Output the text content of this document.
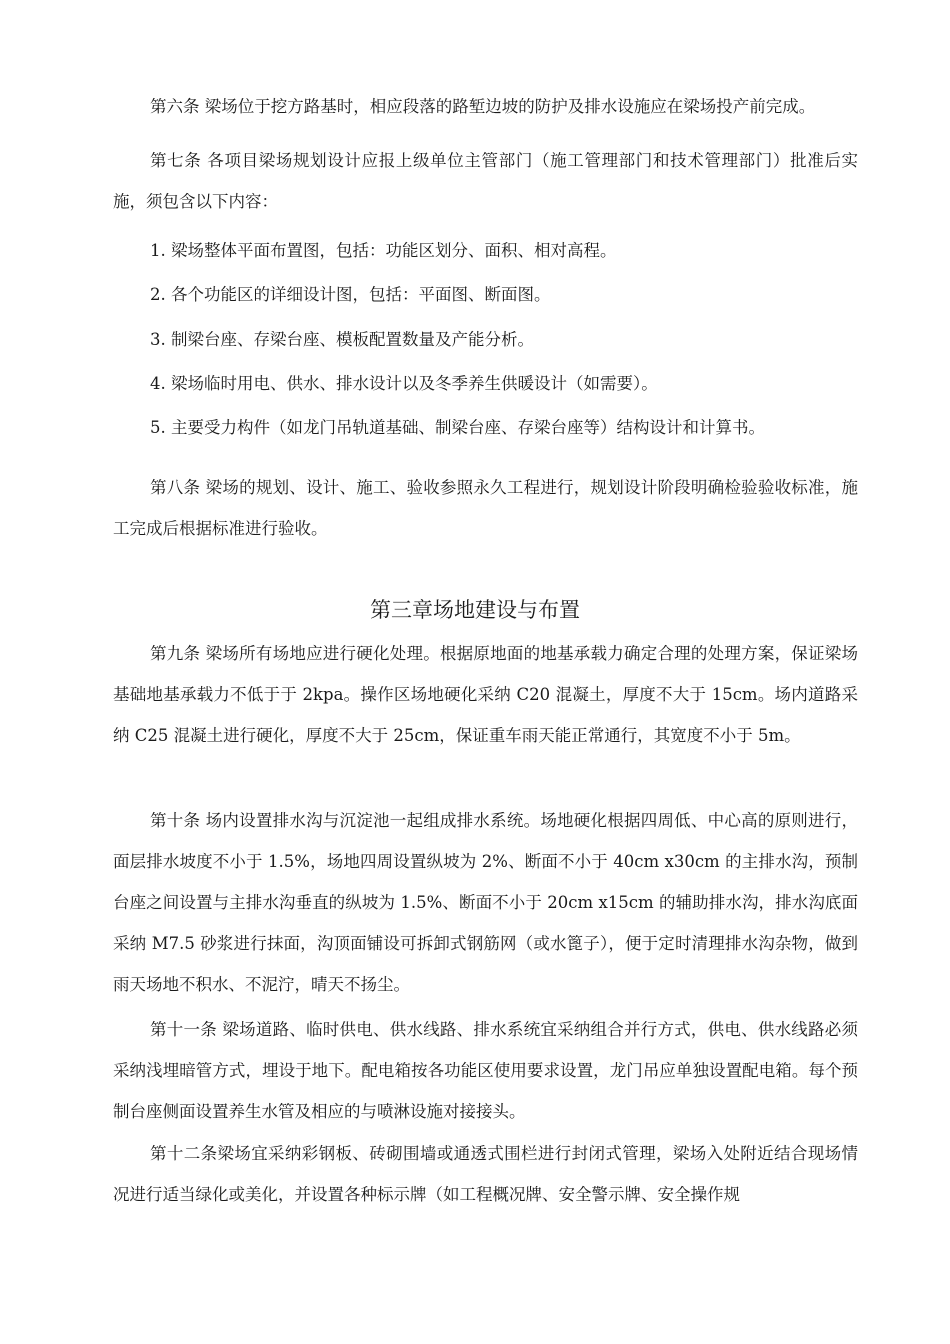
第六条 梁场位于挖方路基时，相应段落的路堑边坡的防护及排水设施应在梁场投产前完成。

第七条 各项目梁场规划设计应报上级单位主管部门（施工管理部门和技术管理部门）批准后实施，须包含以下内容：

1. 梁场整体平面布置图，包括：功能区划分、面积、相对高程。

2. 各个功能区的详细设计图，包括：平面图、断面图。

3. 制梁台座、存梁台座、模板配置数量及产能分析。

4. 梁场临时用电、供水、排水设计以及冬季养生供暖设计（如需要）。

5. 主要受力构件（如龙门吊轨道基础、制梁台座、存梁台座等）结构设计和计算书。

第八条 梁场的规划、设计、施工、验收参照永久工程进行，规划设计阶段明确检验验收标准，施工完成后根据标准进行验收。

第三章场地建设与布置

第九条 梁场所有场地应进行硬化处理。根据原地面的地基承载力确定合理的处理方案，保证梁场基础地基承载力不低于于 2kpa。操作区场地硬化采纳 C20 混凝土，厚度不大于 15cm。场内道路采纳 C25 混凝土进行硬化，厚度不大于 25cm，保证重车雨天能正常通行，其宽度不小于 5m。

第十条 场内设置排水沟与沉淀池一起组成排水系统。场地硬化根据四周低、中心高的原则进行，面层排水坡度不小于 1.5%，场地四周设置纵坡为 2%、断面不小于 40cm x30cm 的主排水沟，预制台座之间设置与主排水沟垂直的纵坡为 1.5%、断面不小于 20cm x15cm 的辅助排水沟，排水沟底面采纳 M7.5 砂浆进行抹面，沟顶面铺设可拆卸式钢筋网（或水篦子），便于定时清理排水沟杂物，做到雨天场地不积水、不泥泞，晴天不扬尘。

第十一条 梁场道路、临时供电、供水线路、排水系统宜采纳组合并行方式，供电、供水线路必须采纳浅埋暗管方式，埋设于地下。配电箱按各功能区使用要求设置，龙门吊应单独设置配电箱。每个预制台座侧面设置养生水管及相应的与喷淋设施对接接头。

第十二条梁场宜采纳彩钢板、砖砌围墙或通透式围栏进行封闭式管理，梁场入处附近结合现场情况进行适当绿化或美化，并设置各种标示牌（如工程概况牌、安全警示牌、安全操作规
